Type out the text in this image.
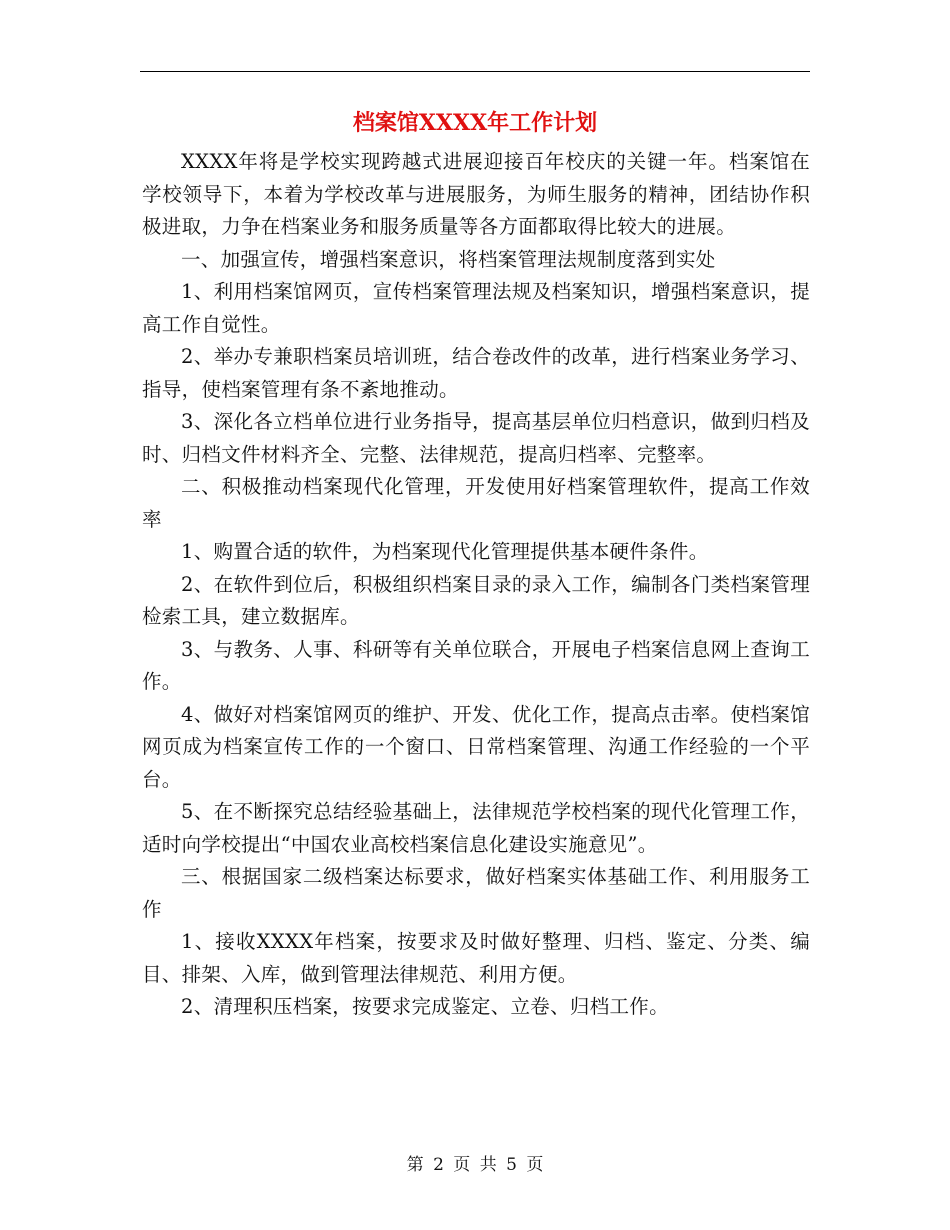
档案馆XXXX年工作计划

XXXX年将是学校实现跨越式进展迎接百年校庆的关键一年。档案馆在学校领导下，本着为学校改革与进展服务，为师生服务的精神，团结协作积极进取，力争在档案业务和服务质量等各方面都取得比较大的进展。

一、加强宣传，增强档案意识，将档案管理法规制度落到实处

1、利用档案馆网页，宣传档案管理法规及档案知识，增强档案意识，提高工作自觉性。

2、举办专兼职档案员培训班，结合卷改件的改革，进行档案业务学习、指导，使档案管理有条不紊地推动。

3、深化各立档单位进行业务指导，提高基层单位归档意识，做到归档及时、归档文件材料齐全、完整、法律规范，提高归档率、完整率。

二、积极推动档案现代化管理，开发使用好档案管理软件，提高工作效率

1、购置合适的软件，为档案现代化管理提供基本硬件条件。

2、在软件到位后，积极组织档案目录的录入工作，编制各门类档案管理检索工具，建立数据库。

3、与教务、人事、科研等有关单位联合，开展电子档案信息网上查询工作。

4、做好对档案馆网页的维护、开发、优化工作，提高点击率。使档案馆网页成为档案宣传工作的一个窗口、日常档案管理、沟通工作经验的一个平台。

5、在不断探究总结经验基础上，法律规范学校档案的现代化管理工作，适时向学校提出“中国农业高校档案信息化建设实施意见”。

三、根据国家二级档案达标要求，做好档案实体基础工作、利用服务工作

1、接收XXXX年档案，按要求及时做好整理、归档、鉴定、分类、编目、排架、入库，做到管理法律规范、利用方便。

2、清理积压档案，按要求完成鉴定、立卷、归档工作。

第 2 页 共 5 页
